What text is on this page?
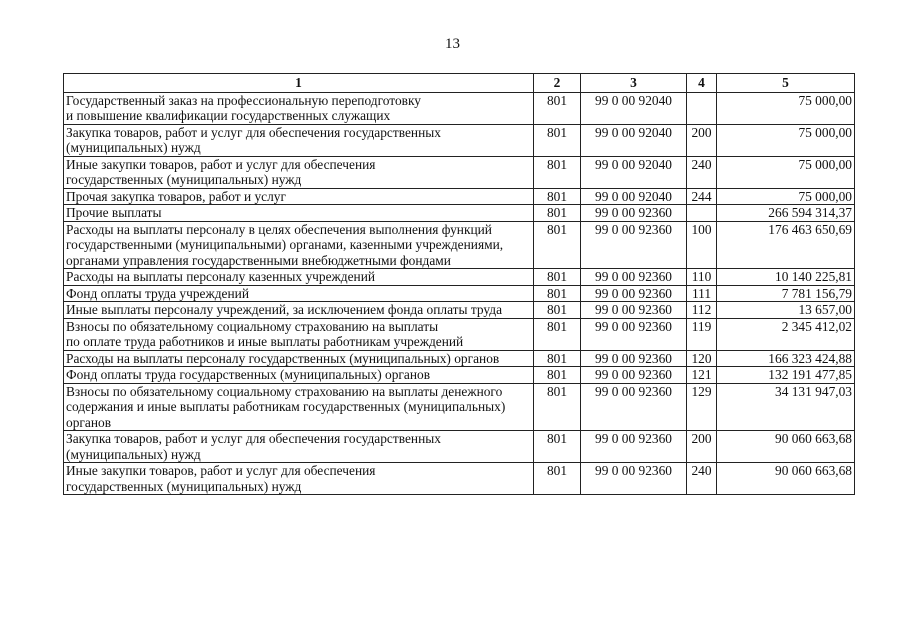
13
1	2	3	4	5
Государственный заказ на профессиональную переподготовку
и повышение квалификации государственных служащих	801	99 0 00 92040		75 000,00
Закупка товаров, работ и услуг для обеспечения государственных (муниципальных) нужд	801	99 0 00 92040	200	75 000,00
Иные закупки товаров, работ и услуг для обеспечения
государственных (муниципальных) нужд	801	99 0 00 92040	240	75 000,00
Прочая закупка товаров, работ и услуг	801	99 0 00 92040	244	75 000,00
Прочие выплаты	801	99 0 00 92360		266 594 314,37
Расходы на выплаты персоналу в целях обеспечения выполнения функций государственными (муниципальными) органами, казенными учреждениями, органами управления государственными внебюджетными фондами	801	99 0 00 92360	100	176 463 650,69
Расходы на выплаты персоналу казенных учреждений	801	99 0 00 92360	110	10 140 225,81
Фонд оплаты труда учреждений	801	99 0 00 92360	111	7 781 156,79
Иные выплаты персоналу учреждений, за исключением фонда оплаты труда	801	99 0 00 92360	112	13 657,00
Взносы по обязательному социальному страхованию на выплаты
по оплате труда работников и иные выплаты работникам учреждений	801	99 0 00 92360	119	2 345 412,02
Расходы на выплаты персоналу государственных (муниципальных) органов	801	99 0 00 92360	120	166 323 424,88
Фонд оплаты труда государственных (муниципальных) органов	801	99 0 00 92360	121	132 191 477,85
Взносы по обязательному социальному страхованию на выплаты денежного содержания и иные выплаты работникам государственных (муниципальных) органов	801	99 0 00 92360	129	34 131 947,03
Закупка товаров, работ и услуг для обеспечения государственных (муниципальных) нужд	801	99 0 00 92360	200	90 060 663,68
Иные закупки товаров, работ и услуг для обеспечения
государственных (муниципальных) нужд	801	99 0 00 92360	240	90 060 663,68
